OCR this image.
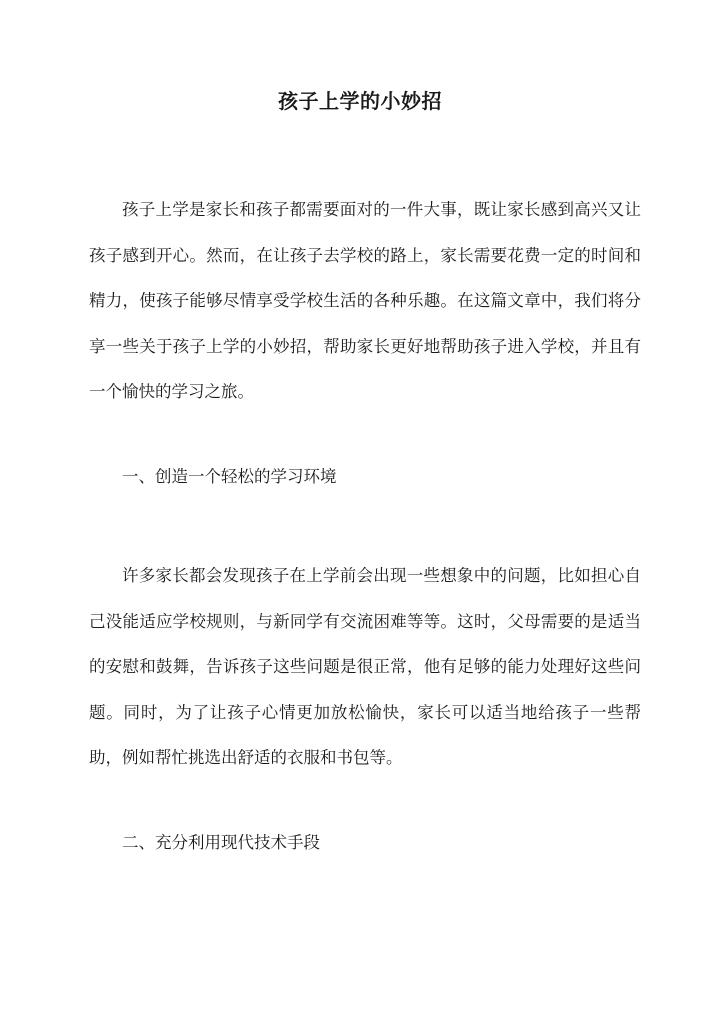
孩子上学的小妙招

孩子上学是家长和孩子都需要面对的一件大事，既让家长感到高兴又让孩子感到开心。然而，在让孩子去学校的路上，家长需要花费一定的时间和精力，使孩子能够尽情享受学校生活的各种乐趣。在这篇文章中，我们将分享一些关于孩子上学的小妙招，帮助家长更好地帮助孩子进入学校，并且有一个愉快的学习之旅。

一、创造一个轻松的学习环境

许多家长都会发现孩子在上学前会出现一些想象中的问题，比如担心自己没能适应学校规则，与新同学有交流困难等等。这时，父母需要的是适当的安慰和鼓舞，告诉孩子这些问题是很正常，他有足够的能力处理好这些问题。同时，为了让孩子心情更加放松愉快，家长可以适当地给孩子一些帮助，例如帮忙挑选出舒适的衣服和书包等。

二、充分利用现代技术手段
